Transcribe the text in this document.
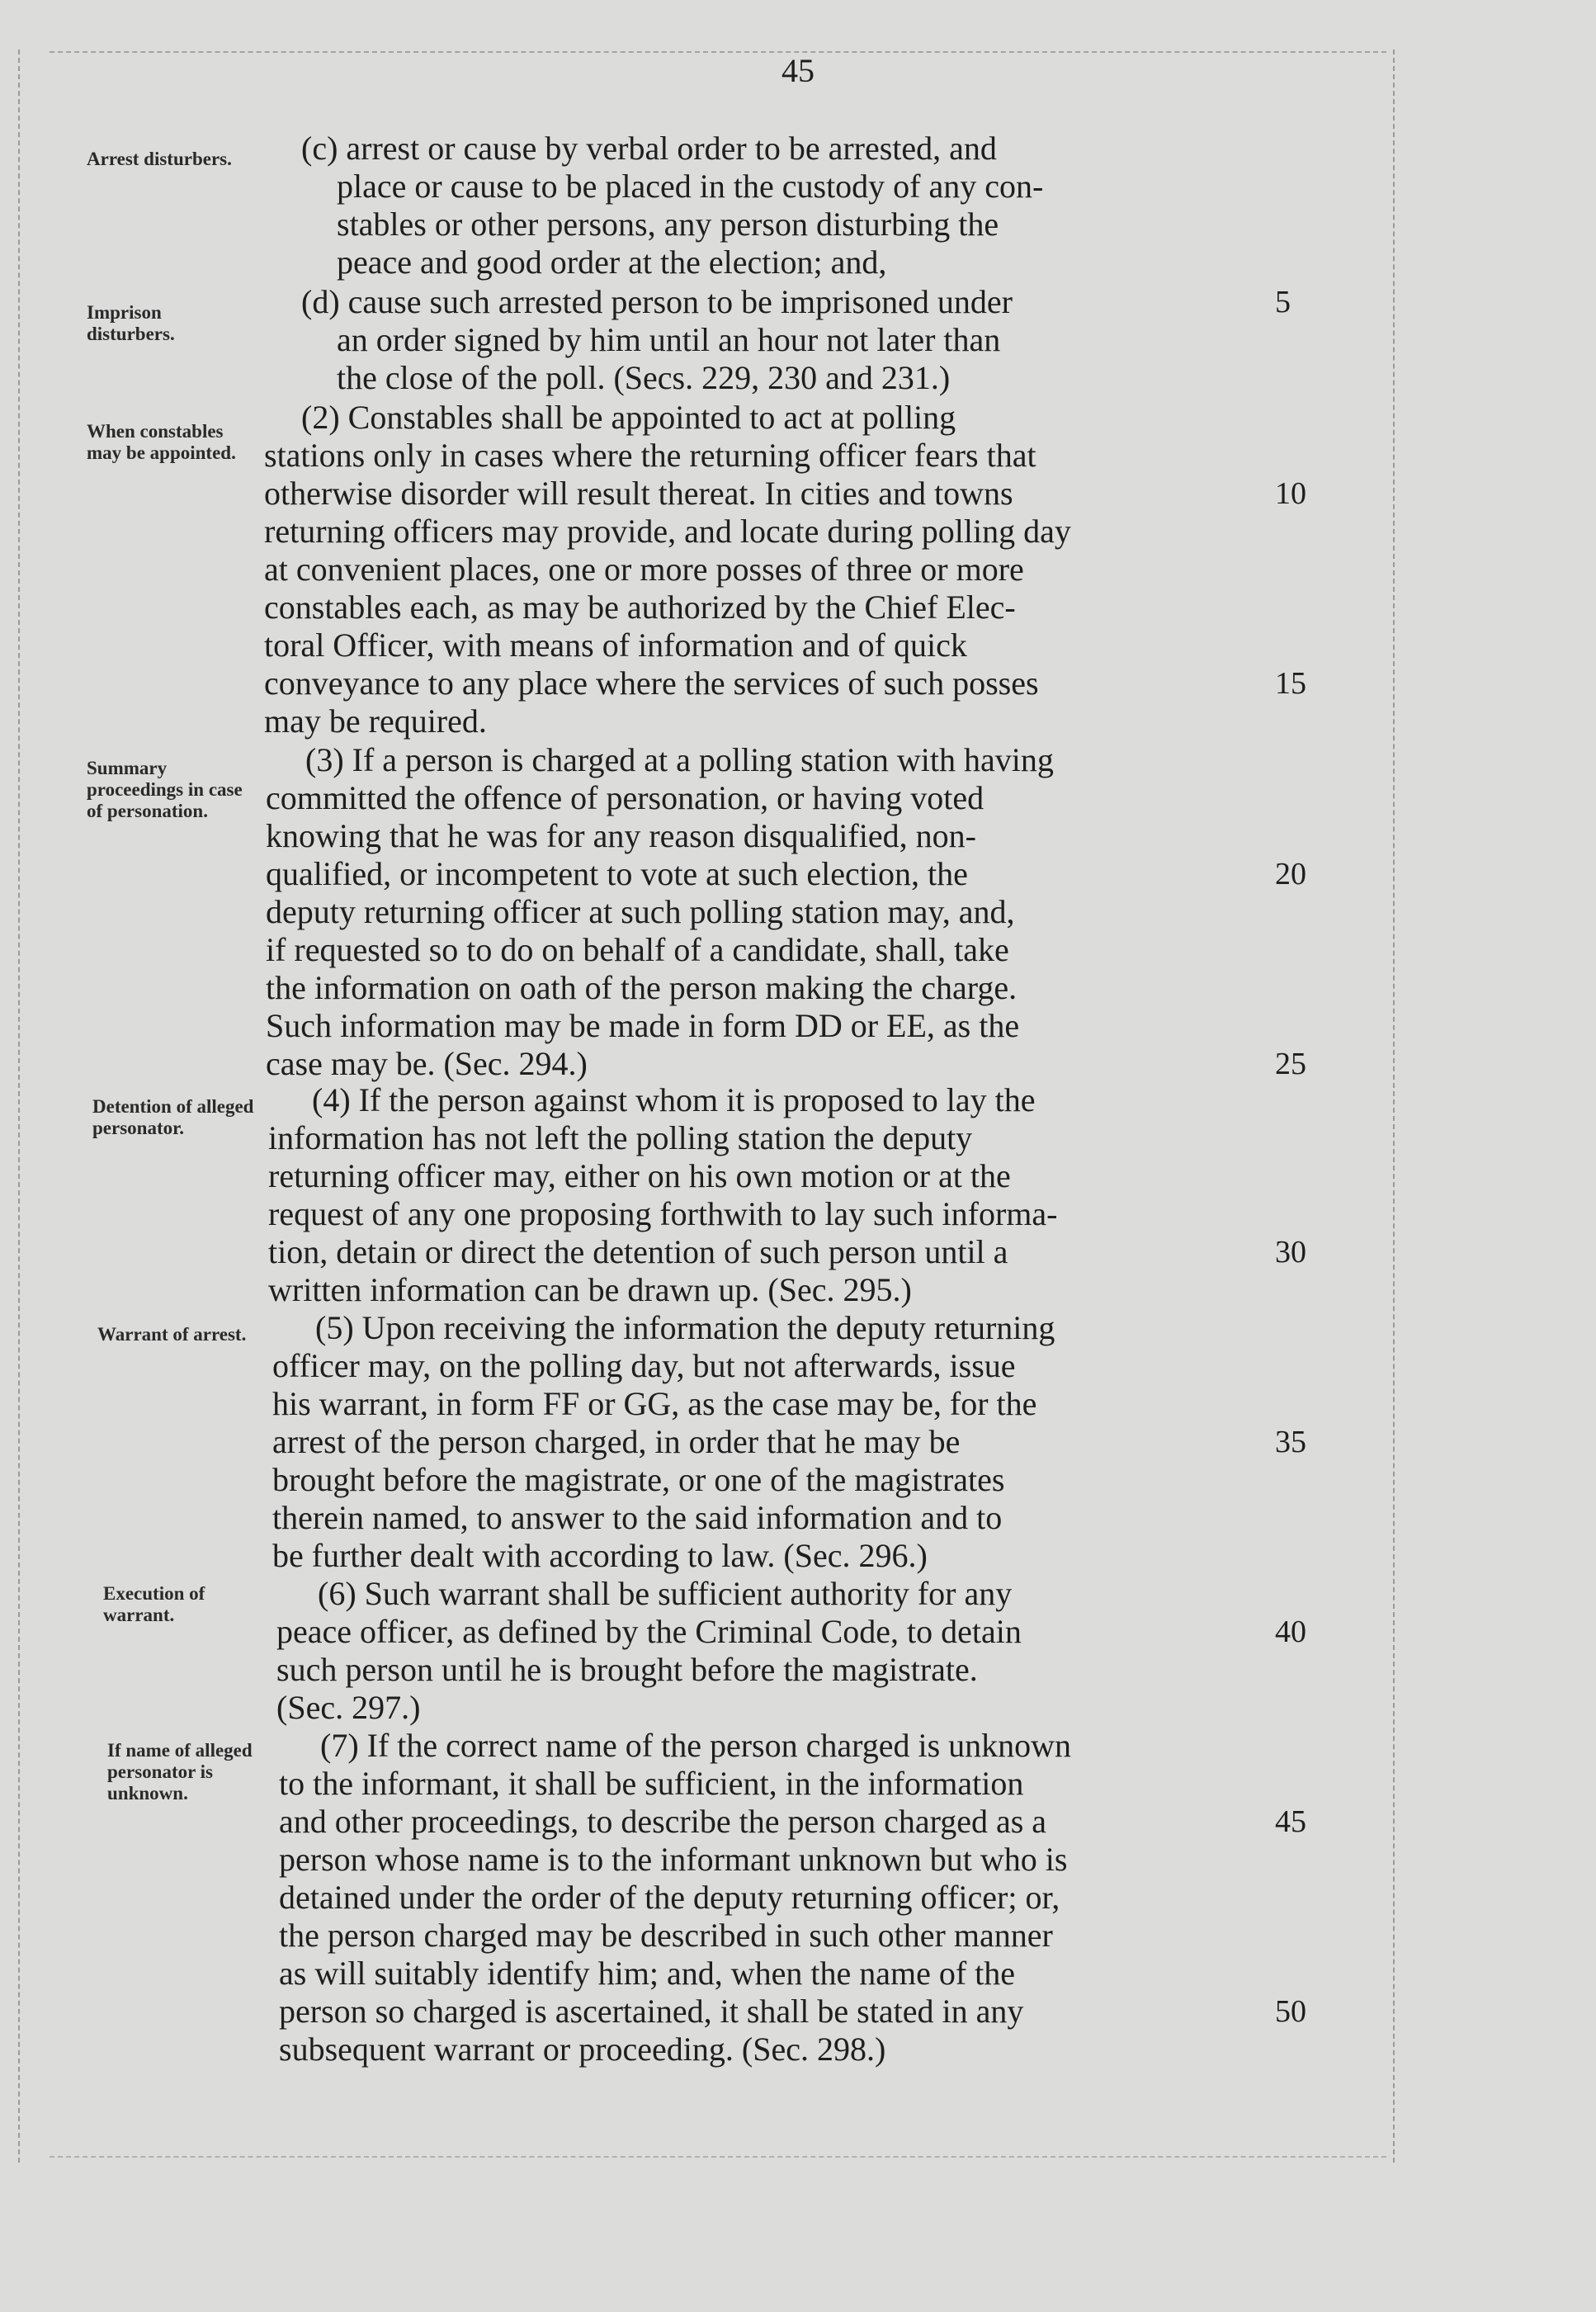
45
Arrest disturbers.
Imprison disturbers.
When constables may be appointed.
Summary proceedings in case of personation.
Detention of alleged personator.
Warrant of arrest.
Execution of warrant.
If name of alleged personator is unknown.
(c) arrest or cause by verbal order to be arrested, and
place or cause to be placed in the custody of any con-
stables or other persons, any person disturbing the
peace and good order at the election; and,
(d) cause such arrested person to be imprisoned under
an order signed by him until an hour not later than
the close of the poll. (Secs. 229, 230 and 231.)
(2) Constables shall be appointed to act at polling
stations only in cases where the returning officer fears that
otherwise disorder will result thereat. In cities and towns
returning officers may provide, and locate during polling day
at convenient places, one or more posses of three or more
constables each, as may be authorized by the Chief Elec-
toral Officer, with means of information and of quick
conveyance to any place where the services of such posses
may be required.
(3) If a person is charged at a polling station with having
committed the offence of personation, or having voted
knowing that he was for any reason disqualified, non-
qualified, or incompetent to vote at such election, the
deputy returning officer at such polling station may, and,
if requested so to do on behalf of a candidate, shall, take
the information on oath of the person making the charge.
Such information may be made in form DD or EE, as the
case may be. (Sec. 294.)
(4) If the person against whom it is proposed to lay the
information has not left the polling station the deputy
returning officer may, either on his own motion or at the
request of any one proposing forthwith to lay such informa-
tion, detain or direct the detention of such person until a
written information can be drawn up. (Sec. 295.)
(5) Upon receiving the information the deputy returning
officer may, on the polling day, but not afterwards, issue
his warrant, in form FF or GG, as the case may be, for the
arrest of the person charged, in order that he may be
brought before the magistrate, or one of the magistrates
therein named, to answer to the said information and to
be further dealt with according to law. (Sec. 296.)
(6) Such warrant shall be sufficient authority for any
peace officer, as defined by the Criminal Code, to detain
such person until he is brought before the magistrate.
(Sec. 297.)
(7) If the correct name of the person charged is unknown
to the informant, it shall be sufficient, in the information
and other proceedings, to describe the person charged as a
person whose name is to the informant unknown but who is
detained under the order of the deputy returning officer; or,
the person charged may be described in such other manner
as will suitably identify him; and, when the name of the
person so charged is ascertained, it shall be stated in any
subsequent warrant or proceeding. (Sec. 298.)
5
10
15
20
25
30
35
40
45
50
